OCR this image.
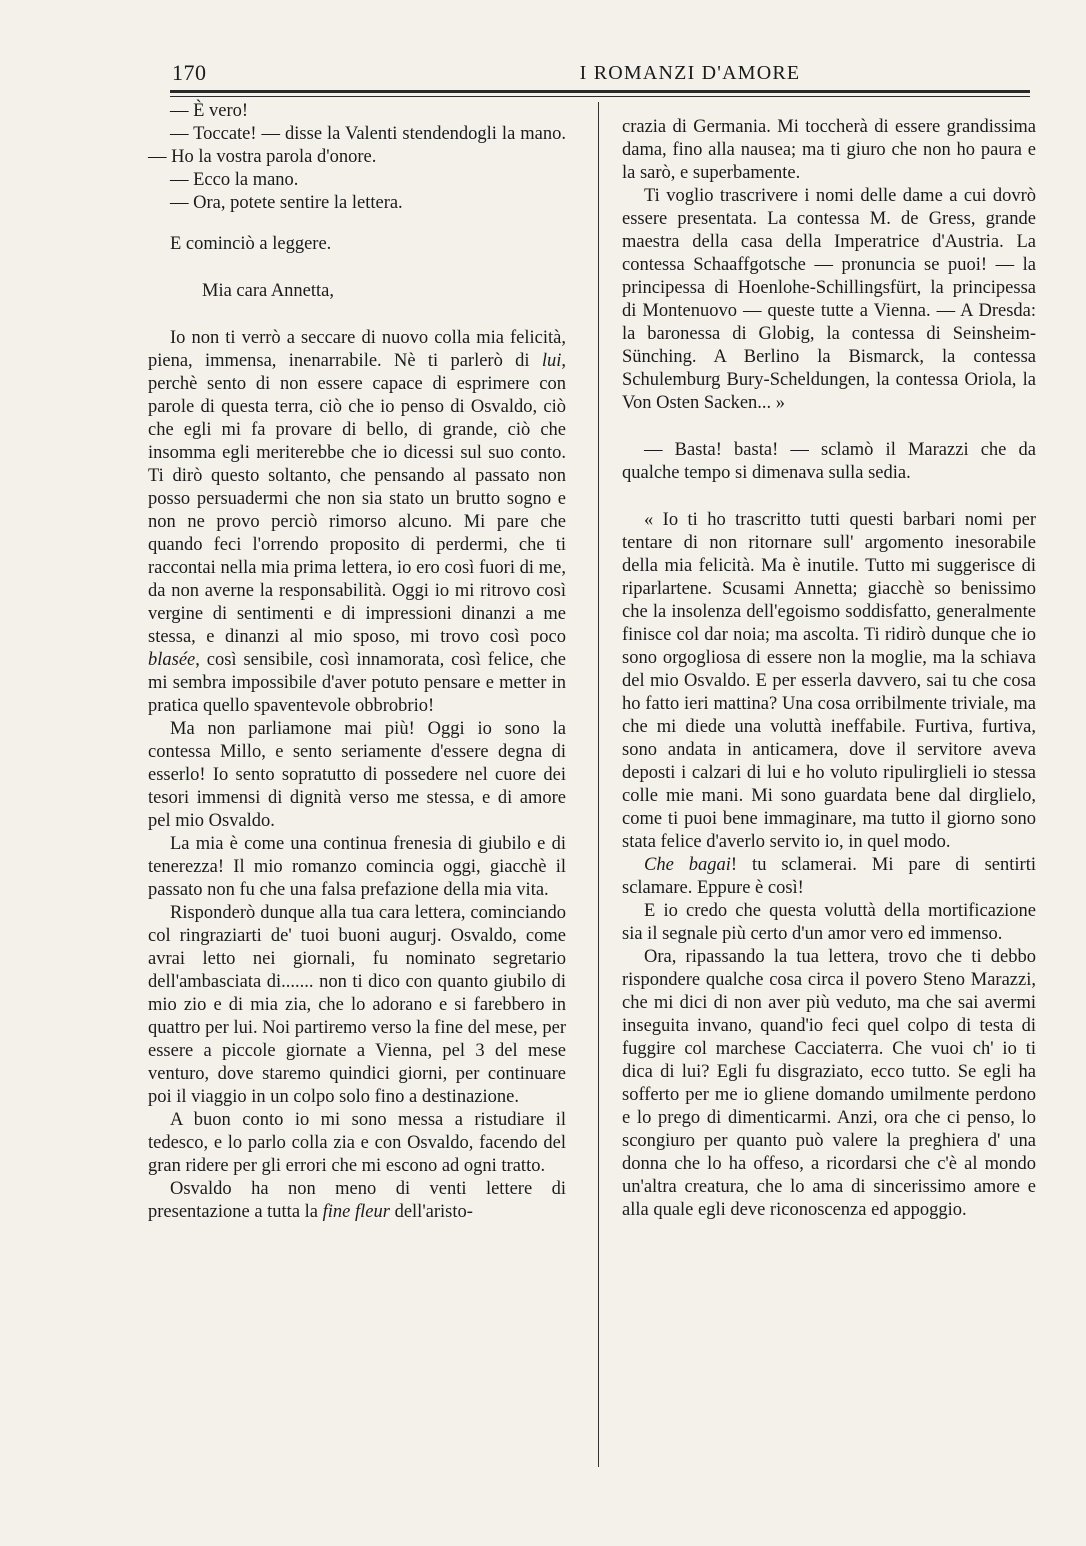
170	I ROMANZI D'AMORE

— È vero!

— Toccate! — disse la Valenti stendendogli la mano. — Ho la vostra parola d'onore.

— Ecco la mano.

— Ora, potete sentire la lettera.

E cominciò a leggere.

Mia cara Annetta,

Io non ti verrò a seccare di nuovo colla mia felicità, piena, immensa, inenarrabile. Nè ti parlerò di lui, perchè sento di non essere capace di esprimere con parole di questa terra, ciò che io penso di Osvaldo, ciò che egli mi fa provare di bello, di grande, ciò che insomma egli meriterebbe che io dicessi sul suo conto. Ti dirò questo soltanto, che pensando al passato non posso persuadermi che non sia stato un brutto sogno e non ne provo perciò rimorso alcuno. Mi pare che quando feci l'orrendo proposito di perdermi, che ti raccontai nella mia prima lettera, io ero così fuori di me, da non averne la responsabilità. Oggi io mi ritrovo così vergine di sentimenti e di impressioni dinanzi a me stessa, e dinanzi al mio sposo, mi trovo così poco blasée, così sensibile, così innamorata, così felice, che mi sembra impossibile d'aver potuto pensare e metter in pratica quello spaventevole obbrobrio!

Ma non parliamone mai più! Oggi io sono la contessa Millo, e sento seriamente d'essere degna di esserlo! Io sento sopratutto di possedere nel cuore dei tesori immensi di dignità verso me stessa, e di amore pel mio Osvaldo.

La mia è come una continua frenesia di giubilo e di tenerezza! Il mio romanzo comincia oggi, giacchè il passato non fu che una falsa prefazione della mia vita.

Risponderò dunque alla tua cara lettera, cominciando col ringraziarti de' tuoi buoni augurj. Osvaldo, come avrai letto nei giornali, fu nominato segretario dell'ambasciata di....... non ti dico con quanto giubilo di mio zio e di mia zia, che lo adorano e si farebbero in quattro per lui. Noi partiremo verso la fine del mese, per essere a piccole giornate a Vienna, pel 3 del mese venturo, dove staremo quindici giorni, per continuare poi il viaggio in un colpo solo fino a destinazione.

A buon conto io mi sono messa a ristudiare il tedesco, e lo parlo colla zia e con Osvaldo, facendo del gran ridere per gli errori che mi escono ad ogni tratto.

Osvaldo ha non meno di venti lettere di presentazione a tutta la fine fleur dell'aristo-

crazia di Germania. Mi toccherà di essere grandissima dama, fino alla nausea; ma ti giuro che non ho paura e la sarò, e superbamente.

Ti voglio trascrivere i nomi delle dame a cui dovrò essere presentata. La contessa M. de Gress, grande maestra della casa della Imperatrice d'Austria. La contessa Schaaffgotsche — pronuncia se puoi! — la principessa di Hoenlohe-Schillingsfürt, la principessa di Montenuovo — queste tutte a Vienna. — A Dresda: la baronessa di Globig, la contessa di Seinsheim-Sünching. A Berlino la Bismarck, la contessa Schulemburg Bury-Scheldungen, la contessa Oriola, la Von Osten Sacken... »

— Basta! basta! — sclamò il Marazzi che da qualche tempo si dimenava sulla sedia.

« Io ti ho trascritto tutti questi barbari nomi per tentare di non ritornare sull' argomento inesorabile della mia felicità. Ma è inutile. Tutto mi suggerisce di riparlartene. Scusami Annetta; giacchè so benissimo che la insolenza dell'egoismo soddisfatto, generalmente finisce col dar noia; ma ascolta. Ti ridirò dunque che io sono orgogliosa di essere non la moglie, ma la schiava del mio Osvaldo. E per esserla davvero, sai tu che cosa ho fatto ieri mattina? Una cosa orribilmente triviale, ma che mi diede una voluttà ineffabile. Furtiva, furtiva, sono andata in anticamera, dove il servitore aveva deposti i calzari di lui e ho voluto ripulirglieli io stessa colle mie mani. Mi sono guardata bene dal dirglielo, come ti puoi bene immaginare, ma tutto il giorno sono stata felice d'averlo servito io, in quel modo.

Che bagai! tu sclamerai. Mi pare di sentirti sclamare. Eppure è così!

E io credo che questa voluttà della mortificazione sia il segnale più certo d'un amor vero ed immenso.

Ora, ripassando la tua lettera, trovo che ti debbo rispondere qualche cosa circa il povero Steno Marazzi, che mi dici di non aver più veduto, ma che sai avermi inseguita invano, quand'io feci quel colpo di testa di fuggire col marchese Cacciaterra. Che vuoi ch' io ti dica di lui? Egli fu disgraziato, ecco tutto. Se egli ha sofferto per me io gliene domando umilmente perdono e lo prego di dimenticarmi. Anzi, ora che ci penso, lo scongiuro per quanto può valere la preghiera d' una donna che lo ha offeso, a ricordarsi che c'è al mondo un'altra creatura, che lo ama di sincerissimo amore e alla quale egli deve riconoscenza ed appoggio.
